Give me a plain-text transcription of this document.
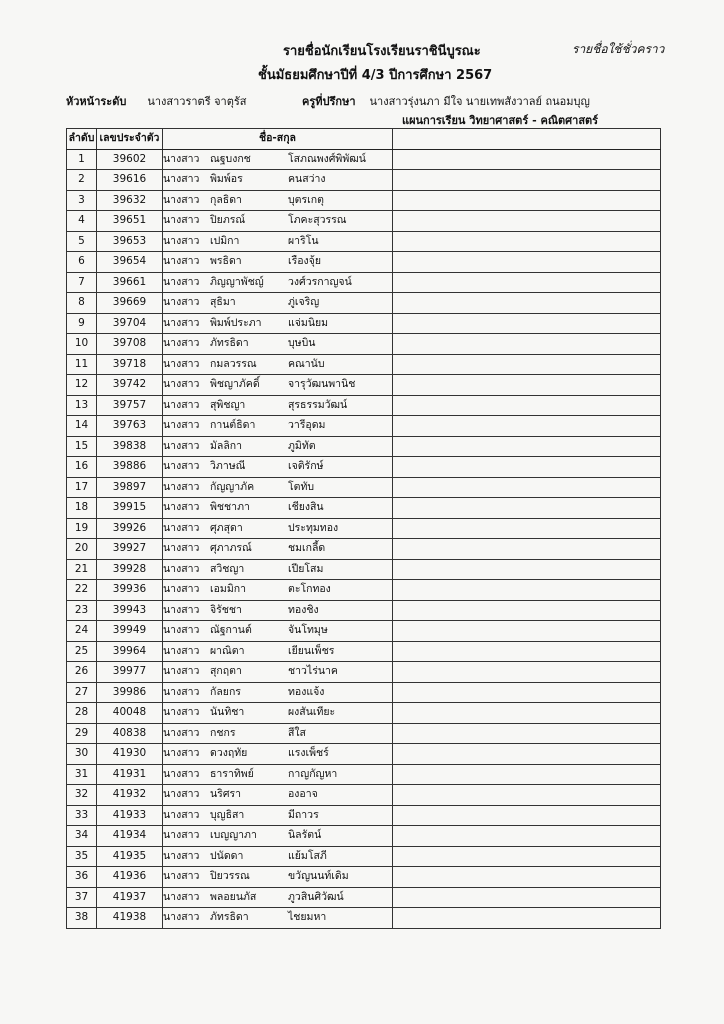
รายชื่อนักเรียนโรงเรียนราชินีบูรณะ	รายชื่อใช้ชั่วคราว
ชั้นมัธยมศึกษาปีที่ 4/3 ปีการศึกษา 2567
หัวหน้าระดับ นางสาวราตรี จาตุรัส	ครูที่ปรึกษา นางสาวรุ่งนภา มีใจ นายเทพสังวาลย์ ถนอมบุญ
แผนการเรียน วิทยาศาสตร์ - คณิตศาสตร์
ลำดับ	เลขประจำตัว	ชื่อ-สกุล	
1	39602	นางสาว ณฐบงกช โสภณพงศ์พิพัฒน์	
2	39616	นางสาว พิมพ์อร คนสว่าง	
3	39632	นางสาว กุลธิดา บุตรเกตุ	
4	39651	นางสาว ปิยภรณ์ โภคะสุวรรณ	
5	39653	นางสาว เปมิกา ผาริโน	
6	39654	นางสาว พรธิดา เรืองจุ้ย	
7	39661	นางสาว ภิญญาพัชญ์ วงศ์วรกาญจน์	
8	39669	นางสาว สุธิมา ภู่เจริญ	
9	39704	นางสาว พิมพ์ประภา แจ่มนิยม	
10	39708	นางสาว ภัทรธิดา บุษบิน	
11	39718	นางสาว กมลวรรณ คณานับ	
12	39742	นางสาว พิชญาภัคดิ์ จารุวัฒนพานิช	
13	39757	นางสาว สุพิชญา สุรธรรมวัฒน์	
14	39763	นางสาว กานต์ธิดา วารีอุดม	
15	39838	นางสาว มัลลิกา ภูมิทัต	
16	39886	นางสาว วิภาษณี เจติรักษ์	
17	39897	นางสาว กัญญาภัค โตทับ	
18	39915	นางสาว พิชชาภา เชียงสิน	
19	39926	นางสาว ศุภสุดา ประทุมทอง	
20	39927	นางสาว ศุภาภรณ์ ชมเกลี้ด	
21	39928	นางสาว สวิชญา เปียโสม	
22	39936	นางสาว เอมมิกา ตะโกทอง	
23	39943	นางสาว จิรัชชา ทองชิง	
24	39949	นางสาว ณัฐกานต์ จันโทมุษ	
25	39964	นางสาว ผาณิตา เยียนเพ็ชร	
26	39977	นางสาว สุกฤตา ชาวไร่นาค	
27	39986	นางสาว กัลยกร ทองแจ้ง	
28	40048	นางสาว นันทิชา ผงสันเทียะ	
29	40838	นางสาว กชกร สีใส	
30	41930	นางสาว ดวงฤทัย แรงเพ็ชร์	
31	41931	นางสาว ธาราทิพย์ กาญกัญหา	
32	41932	นางสาว นริศรา องอาจ	
33	41933	นางสาว บุญธิสา มีถาวร	
34	41934	นางสาว เบญญาภา นิลรัตน์	
35	41935	นางสาว ปนัดดา แย้มโสภี	
36	41936	นางสาว ปิยวรรณ ขวัญนนท์เดิม	
37	41937	นางสาว พลอยนภัส ภูวสินศิวัฒน์	
38	41938	นางสาว ภัทรธิดา ไชยมหา	
